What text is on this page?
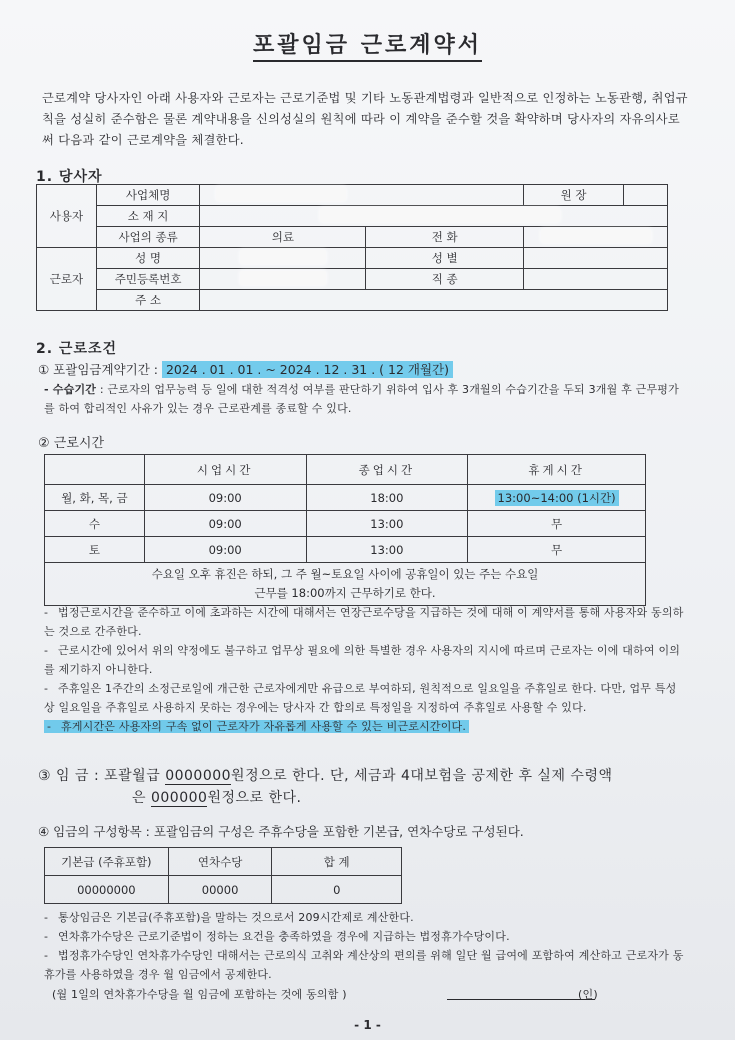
포괄임금 근로계약서
근로계약 당사자인 아래 사용자와 근로자는 근로기준법 및 기타 노동관계법령과 일반적으로 인정하는 노동관행, 취업규칙을 성실히 준수함은 물론 계약내용을 신의성실의 원칙에 따라 이 계약을 준수할 것을 확약하며 당사자의 자유의사로써 다음과 같이 근로계약을 체결한다.
1. 당사자
사용자	사업체명			원 장	
	소 재 지				
	사업의 종류	의료	전 화		
근로자	성 명		성 별		
	주민등록번호		직 종		
	주 소				
2. 근로조건
① 포괄임금계약기간 : 2024 . 01 . 01 . ~ 2024 . 12 . 31 . ( 12 개월간)
- 수습기간 : 근로자의 업무능력 등 일에 대한 적격성 여부를 판단하기 위하여 입사 후 3개월의 수습기간을 두되 3개월 후 근무평가를 하여 합리적인 사유가 있는 경우 근로관계를 종료할 수 있다.
② 근로시간
	시업시간	종업시간	휴게시간
월, 화, 목, 금	09:00	18:00	13:00~14:00 (1시간)
수	09:00	13:00	무
토	09:00	13:00	무
수요일 오후 휴진은 하되, 그 주 월~토요일 사이에 공휴일이 있는 주는 수요일 근무를 18:00까지 근무하기로 한다.			
- 법정근로시간을 준수하고 이에 초과하는 시간에 대해서는 연장근로수당을 지급하는 것에 대해 이 계약서를 통해 사용자와 동의하는 것으로 간주한다.
- 근로시간에 있어서 위의 약정에도 불구하고 업무상 필요에 의한 특별한 경우 사용자의 지시에 따르며 근로자는 이에 대하여 이의를 제기하지 아니한다.
- 주휴일은 1주간의 소정근로일에 개근한 근로자에게만 유급으로 부여하되, 원칙적으로 일요일을 주휴일로 한다. 다만, 업무 특성상 일요일을 주휴일로 사용하지 못하는 경우에는 당사자 간 합의로 특정일을 지정하여 주휴일로 사용할 수 있다.
- 휴게시간은 사용자의 구속 없이 근로자가 자유롭게 사용할 수 있는 비근로시간이다.
③ 임 금 : 포괄월급 0000000원정으로 한다. 단, 세금과 4대보험을 공제한 후 실제 수령액
은 000000원정으로 한다.
④ 임금의 구성항목 : 포괄임금의 구성은 주휴수당을 포함한 기본급, 연차수당로 구성된다.
기본급 (주휴포함)	연차수당	합 계
00000000	00000	0
- 통상임금은 기본급(주휴포함)을 말하는 것으로서 209시간제로 계산한다.
- 연차휴가수당은 근로기준법이 정하는 요건을 충족하였을 경우에 지급하는 법정휴가수당이다.
- 법정휴가수당인 연차휴가수당인 대해서는 근로의식 고취와 계산상의 편의를 위해 일단 월 급여에 포함하여 계산하고 근로자가 동 휴가를 사용하였을 경우 월 임금에서 공제한다.
(월 1일의 연차휴가수당을 월 임금에 포함하는 것에 동의함 )	(인)
- 1 -
